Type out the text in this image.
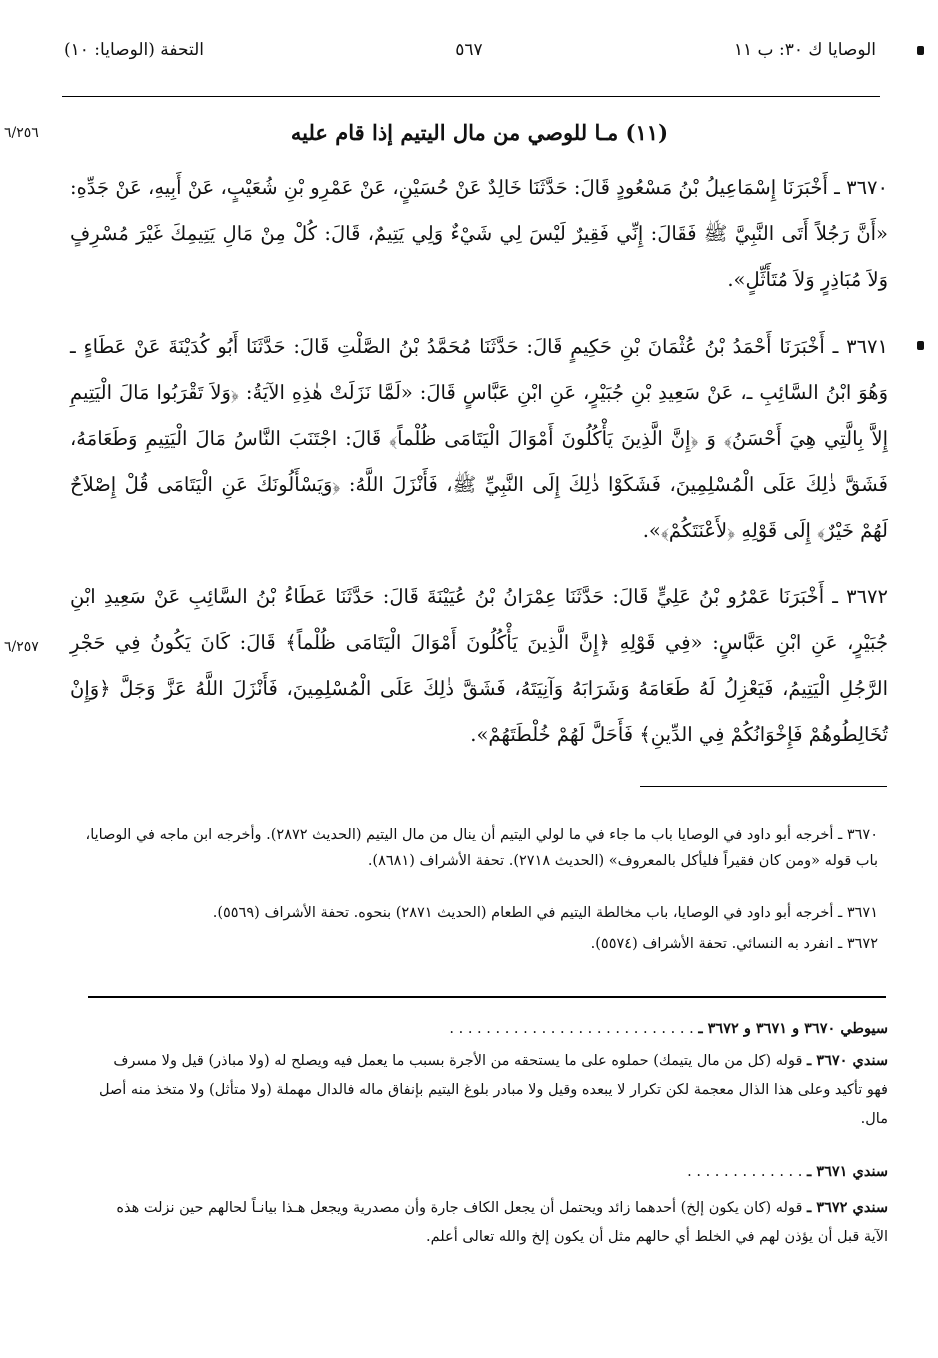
الوصايا ك ٣٠: ب ١١
٥٦٧
التحفة (الوصايا: ١٠)
٦/٢٥٦
٦/٢٥٧
(١١) مـا للوصي من مال اليتيم إذا قام عليه
٣٦٧٠ ـ أَخْبَرَنَا إِسْمَاعِيلُ بْنُ مَسْعُودٍ قَالَ: حَدَّثَنَا خَالِدٌ عَنْ حُسَيْنٍ، عَنْ عَمْرِو بْنِ شُعَيْبٍ، عَنْ أَبِيهِ، عَنْ جَدِّهِ: «أَنَّ رَجُلاً أَتَى النَّبِيَّ ﷺ فَقَالَ: إِنِّي فَقِيرٌ لَيْسَ لِي شَيْءٌ وَلِي يَتِيمٌ، قَالَ: كُلْ مِنْ مَالِ يَتِيمِكَ غَيْرَ مُسْرِفٍ وَلاَ مُبَاذِرٍ وَلاَ مُتَأَثِّلٍ».
٣٦٧١ ـ أَخْبَرَنَا أَحْمَدُ بْنُ عُثْمَانَ بْنِ حَكِيمٍ قَالَ: حَدَّثَنَا مُحَمَّدُ بْنُ الصَّلْتِ قَالَ: حَدَّثَنَا أَبُو كُدَيْنَةَ عَنْ عَطَاءٍ ـ وَهُوَ ابْنُ السَّائِبِ ـ، عَنْ سَعِيدِ بْنِ جُبَيْرٍ، عَنِ ابْنِ عَبَّاسٍ قَالَ: «لَمَّا نَزَلَتْ هٰذِهِ الآيَةُ: ﴿وَلاَ تَقْرَبُوا مَالَ الْيَتِيمِ إِلاَّ بِالَّتِي هِيَ أَحْسَنُ﴾ وَ ﴿إِنَّ الَّذِينَ يَأْكُلُونَ أَمْوَالَ الْيَتَامَى ظُلْماً﴾ قَالَ: اجْتَنَبَ النَّاسُ مَالَ الْيَتِيمِ وَطَعَامَهُ، فَشَقَّ ذٰلِكَ عَلَى الْمُسْلِمِينَ، فَشَكَوْا ذٰلِكَ إِلَى النَّبِيِّ ﷺ، فَأَنْزَلَ اللَّهُ: ﴿وَيَسْأَلُونَكَ عَنِ الْيَتَامَى قُلْ إِصْلاَحٌ لَهُمْ خَيْرٌ﴾ إِلَى قَوْلِهِ ﴿لأَعْنَتَكُمْ﴾».
٣٦٧٢ ـ أَخْبَرَنَا عَمْرُو بْنُ عَلِيٍّ قَالَ: حَدَّثَنَا عِمْرَانُ بْنُ عُيَيْنَةَ قَالَ: حَدَّثَنَا عَطَاءُ بْنُ السَّائِبِ عَنْ سَعِيدِ ابْنِ جُبَيْرٍ، عَنِ ابْنِ عَبَّاسٍ: «فِي قَوْلِهِ ﴿إِنَّ الَّذِينَ يَأْكُلُونَ أَمْوَالَ الْيَتَامَى ظُلْماً﴾ قَالَ: كَانَ يَكُونُ فِي حَجْرِ الرَّجُلِ الْيَتِيمُ، فَيَعْزِلُ لَهُ طَعَامَهُ وَشَرَابَهُ وَآنِيَتَهُ، فَشَقَّ ذٰلِكَ عَلَى الْمُسْلِمِينَ، فَأَنْزَلَ اللَّهُ عَزَّ وَجَلَّ ﴿وَإِنْ تُخَالِطُوهُمْ فَإِخْوَانُكُمْ فِي الدِّينِ﴾ فَأَحَلَّ لَهُمْ خُلْطَتَهُمْ».
٣٦٧٠ ـ أخرجه أبو داود في الوصايا باب ما جاء في ما لولي اليتيم أن ينال من مال اليتيم (الحديث ٢٨٧٢). وأخرجه ابن ماجه في الوصايا، باب قوله «ومن كان فقيراً فليأكل بالمعروف» (الحديث ٢٧١٨). تحفة الأشراف (٨٦٨١).
٣٦٧١ ـ أخرجه أبو داود في الوصايا، باب مخالطة اليتيم في الطعام (الحديث ٢٨٧١) بنحوه. تحفة الأشراف (٥٥٦٩).
٣٦٧٢ ـ انفرد به النسائي. تحفة الأشراف (٥٥٧٤).
سيوطي ٣٦٧٠ و ٣٦٧١ و ٣٦٧٢ ـ . . . . . . . . . . . . . . . . . . . . . . . . . . .
سندي ٣٦٧٠ ـ قوله (كل من مال يتيمك) حملوه على ما يستحقه من الأجرة بسبب ما يعمل فيه ويصلح له (ولا مباذر) قيل ولا مسرف فهو تأكيد وعلى هذا الذال معجمة لكن تكرار لا يبعده وقيل ولا مبادر بلوغ اليتيم بإنفاق ماله فالدال مهملة (ولا متأثل) ولا متخذ منه أصل مال.
سندي ٣٦٧١ ـ . . . . . . . . . . . . .
سندي ٣٦٧٢ ـ قوله (كان يكون إلخ) أحدهما زائد ويحتمل أن يجعل الكاف جارة وأن مصدرية ويجعل هـذا بيانـاً لحالهم حين نزلت هذه الآية قبل أن يؤذن لهم في الخلط أي حالهم مثل أن يكون إلخ والله تعالى أعلم.
